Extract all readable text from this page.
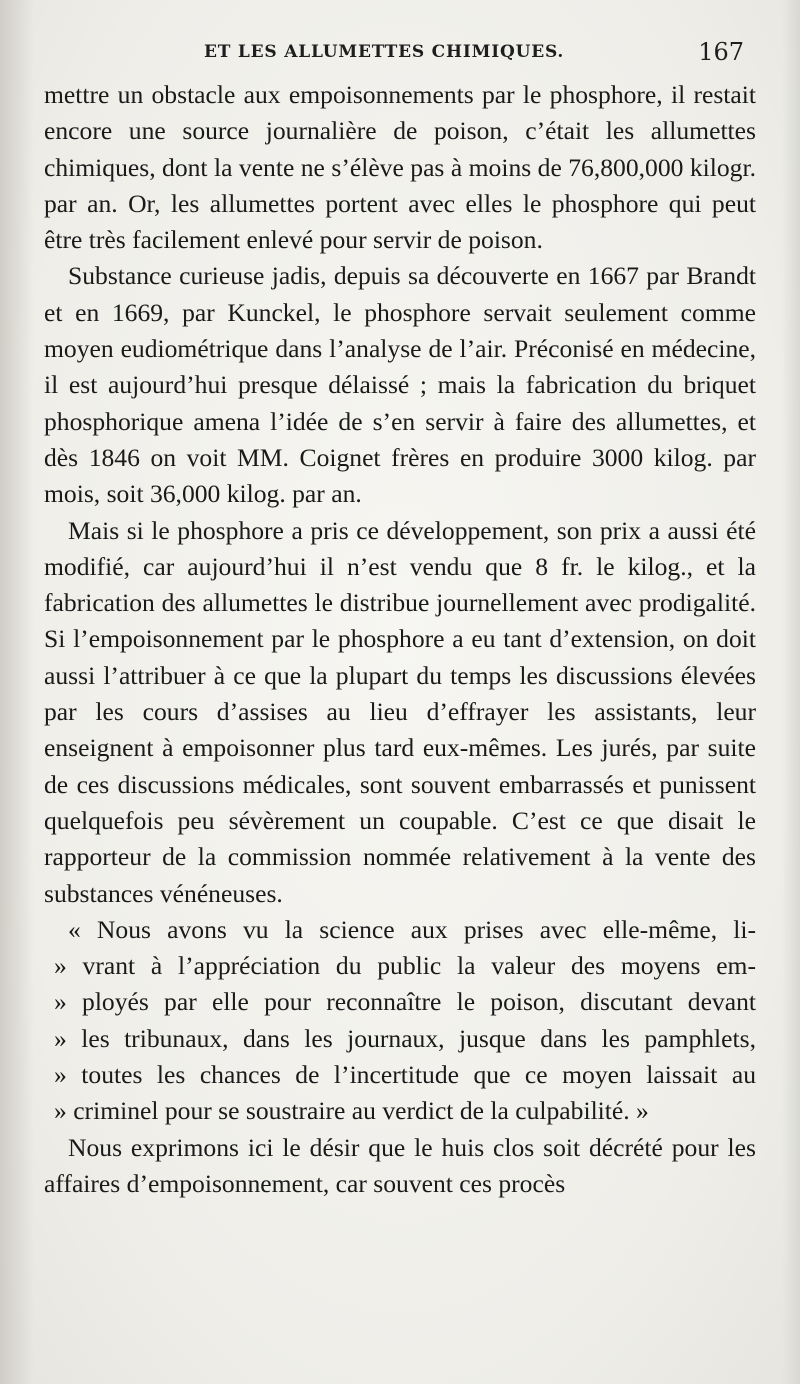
ET LES ALLUMETTES CHIMIQUES.	167

mettre un obstacle aux empoisonnements par le phosphore, il restait encore une source journalière de poison, c’était les allumettes chimiques, dont la vente ne s’élève pas à moins de 76,800,000 kilogr. par an. Or, les allumettes portent avec elles le phosphore qui peut être très facilement enlevé pour servir de poison.

Substance curieuse jadis, depuis sa découverte en 1667 par Brandt et en 1669, par Kunckel, le phosphore servait seulement comme moyen eudiométrique dans l’analyse de l’air. Préconisé en médecine, il est aujourd’hui presque délaissé ; mais la fabrication du briquet phosphorique amena l’idée de s’en servir à faire des allumettes, et dès 1846 on voit MM. Coignet frères en produire 3000 kilog. par mois, soit 36,000 kilog. par an.

Mais si le phosphore a pris ce développement, son prix a aussi été modifié, car aujourd’hui il n’est vendu que 8 fr. le kilog., et la fabrication des allumettes le distribue journellement avec prodigalité. Si l’empoisonnement par le phosphore a eu tant d’extension, on doit aussi l’attribuer à ce que la plupart du temps les discussions élevées par les cours d’assises au lieu d’effrayer les assistants, leur enseignent à empoisonner plus tard eux-mêmes. Les jurés, par suite de ces discussions médicales, sont souvent embarrassés et punissent quelquefois peu sévèrement un coupable. C’est ce que disait le rapporteur de la commission nommée relativement à la vente des substances vénéneuses.

« Nous avons vu la science aux prises avec elle-même, li-
» vrant à l’appréciation du public la valeur des moyens em-
» ployés par elle pour reconnaître le poison, discutant devant
» les tribunaux, dans les journaux, jusque dans les pamphlets,
» toutes les chances de l’incertitude que ce moyen laissait au
» criminel pour se soustraire au verdict de la culpabilité. »

Nous exprimons ici le désir que le huis clos soit décrété pour les affaires d’empoisonnement, car souvent ces procès
